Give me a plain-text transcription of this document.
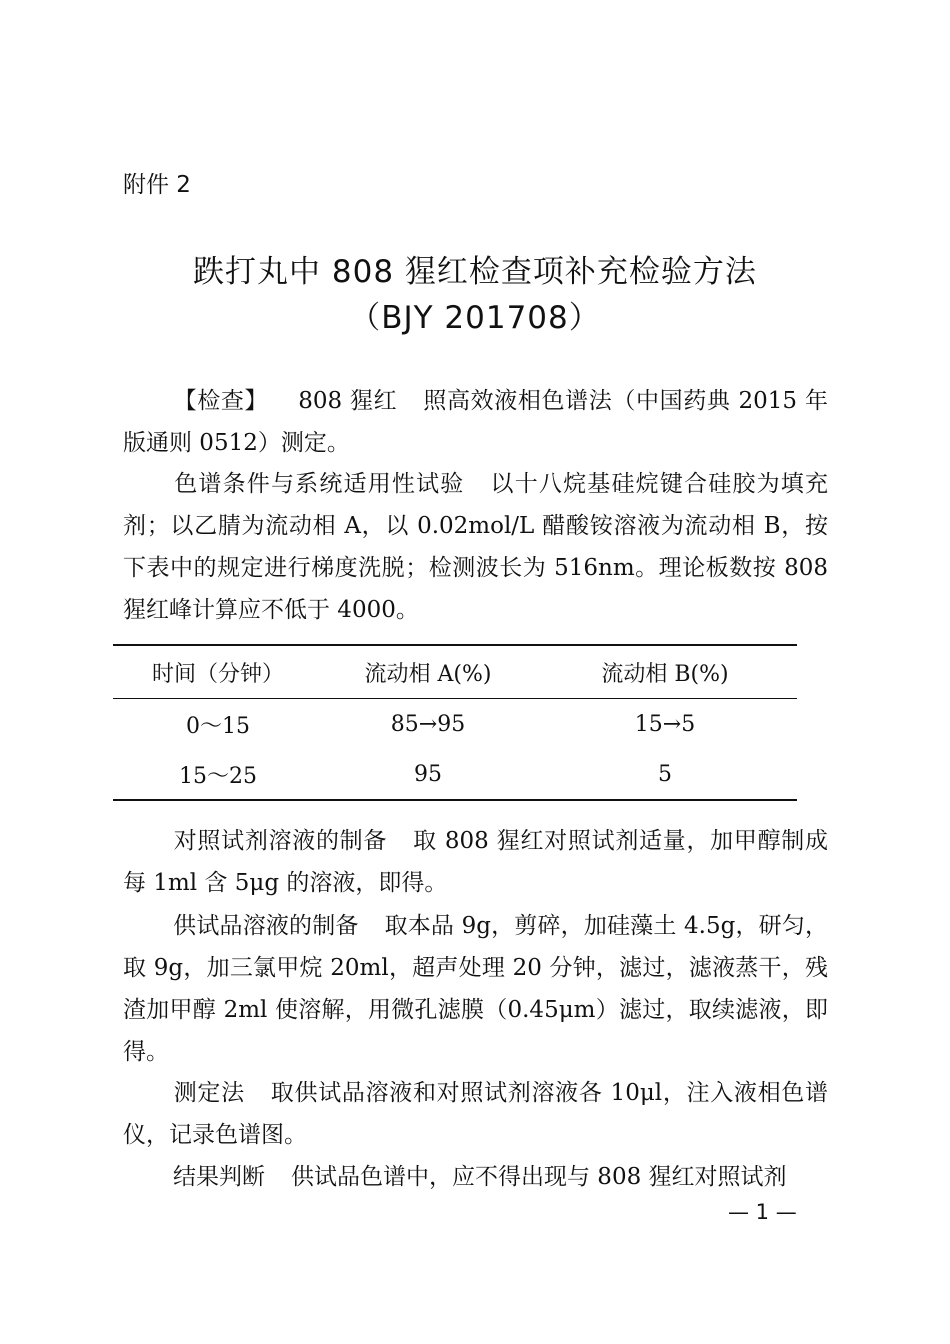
附件 2
跌打丸中 808 猩红检查项补充检验方法
（BJY 201708）
【检查】 808 猩红 照高效液相色谱法（中国药典 2015 年版通则 0512）测定。
色谱条件与系统适用性试验 以十八烷基硅烷键合硅胶为填充剂；以乙腈为流动相 A，以 0.02mol/L 醋酸铵溶液为流动相 B，按下表中的规定进行梯度洗脱；检测波长为 516nm。理论板数按 808 猩红峰计算应不低于 4000。
时间（分钟）	流动相 A(%)	流动相 B(%)
0～15	85→95	15→5
15～25	95	5
对照试剂溶液的制备 取 808 猩红对照试剂适量，加甲醇制成每 1ml 含 5μg 的溶液，即得。
供试品溶液的制备 取本品 9g，剪碎，加硅藻土 4.5g，研匀，取 9g，加三氯甲烷 20ml，超声处理 20 分钟，滤过，滤液蒸干，残渣加甲醇 2ml 使溶解，用微孔滤膜（0.45μm）滤过，取续滤液，即得。
测定法 取供试品溶液和对照试剂溶液各 10μl，注入液相色谱仪，记录色谱图。
结果判断 供试品色谱中，应不得出现与 808 猩红对照试剂
— 1 —
